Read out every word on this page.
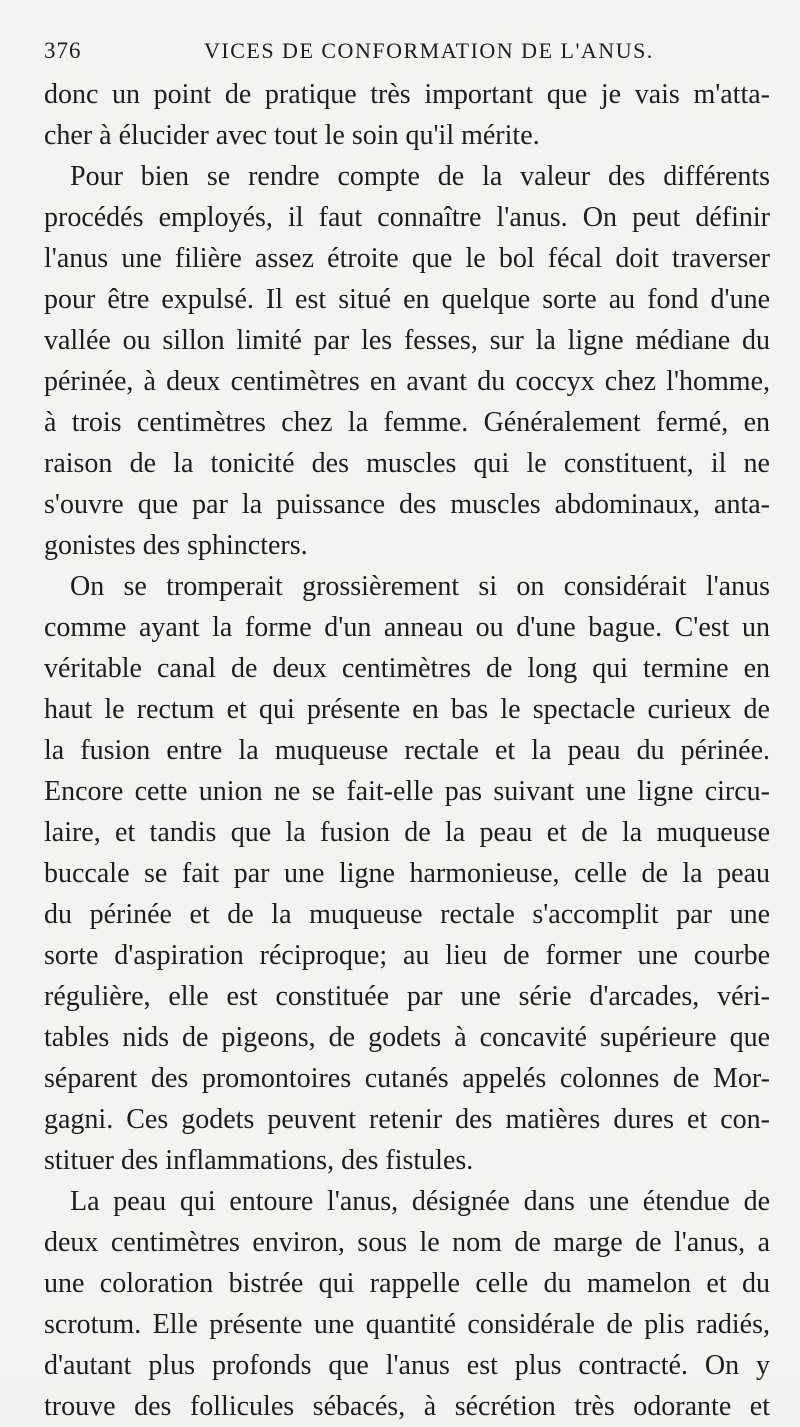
376	VICES DE CONFORMATION DE L'ANUS.
donc un point de pratique très important que je vais m'atta-
cher à élucider avec tout le soin qu'il mérite.
Pour bien se rendre compte de la valeur des différents
procédés employés, il faut connaître l'anus. On peut définir
l'anus une filière assez étroite que le bol fécal doit traverser
pour être expulsé. Il est situé en quelque sorte au fond d'une
vallée ou sillon limité par les fesses, sur la ligne médiane du
périnée, à deux centimètres en avant du coccyx chez l'homme,
à trois centimètres chez la femme. Généralement fermé, en
raison de la tonicité des muscles qui le constituent, il ne
s'ouvre que par la puissance des muscles abdominaux, anta-
gonistes des sphincters.
On se tromperait grossièrement si on considérait l'anus
comme ayant la forme d'un anneau ou d'une bague. C'est un
véritable canal de deux centimètres de long qui termine en
haut le rectum et qui présente en bas le spectacle curieux de
la fusion entre la muqueuse rectale et la peau du périnée.
Encore cette union ne se fait-elle pas suivant une ligne circu-
laire, et tandis que la fusion de la peau et de la muqueuse
buccale se fait par une ligne harmonieuse, celle de la peau
du périnée et de la muqueuse rectale s'accomplit par une
sorte d'aspiration réciproque; au lieu de former une courbe
régulière, elle est constituée par une série d'arcades, véri-
tables nids de pigeons, de godets à concavité supérieure que
séparent des promontoires cutanés appelés colonnes de Mor-
gagni. Ces godets peuvent retenir des matières dures et con-
stituer des inflammations, des fistules.
La peau qui entoure l'anus, désignée dans une étendue de
deux centimètres environ, sous le nom de marge de l'anus, a
une coloration bistrée qui rappelle celle du mamelon et du
scrotum. Elle présente une quantité considérale de plis radiés,
d'autant plus profonds que l'anus est plus contracté. On y
trouve des follicules sébacés, à sécrétion très odorante et
